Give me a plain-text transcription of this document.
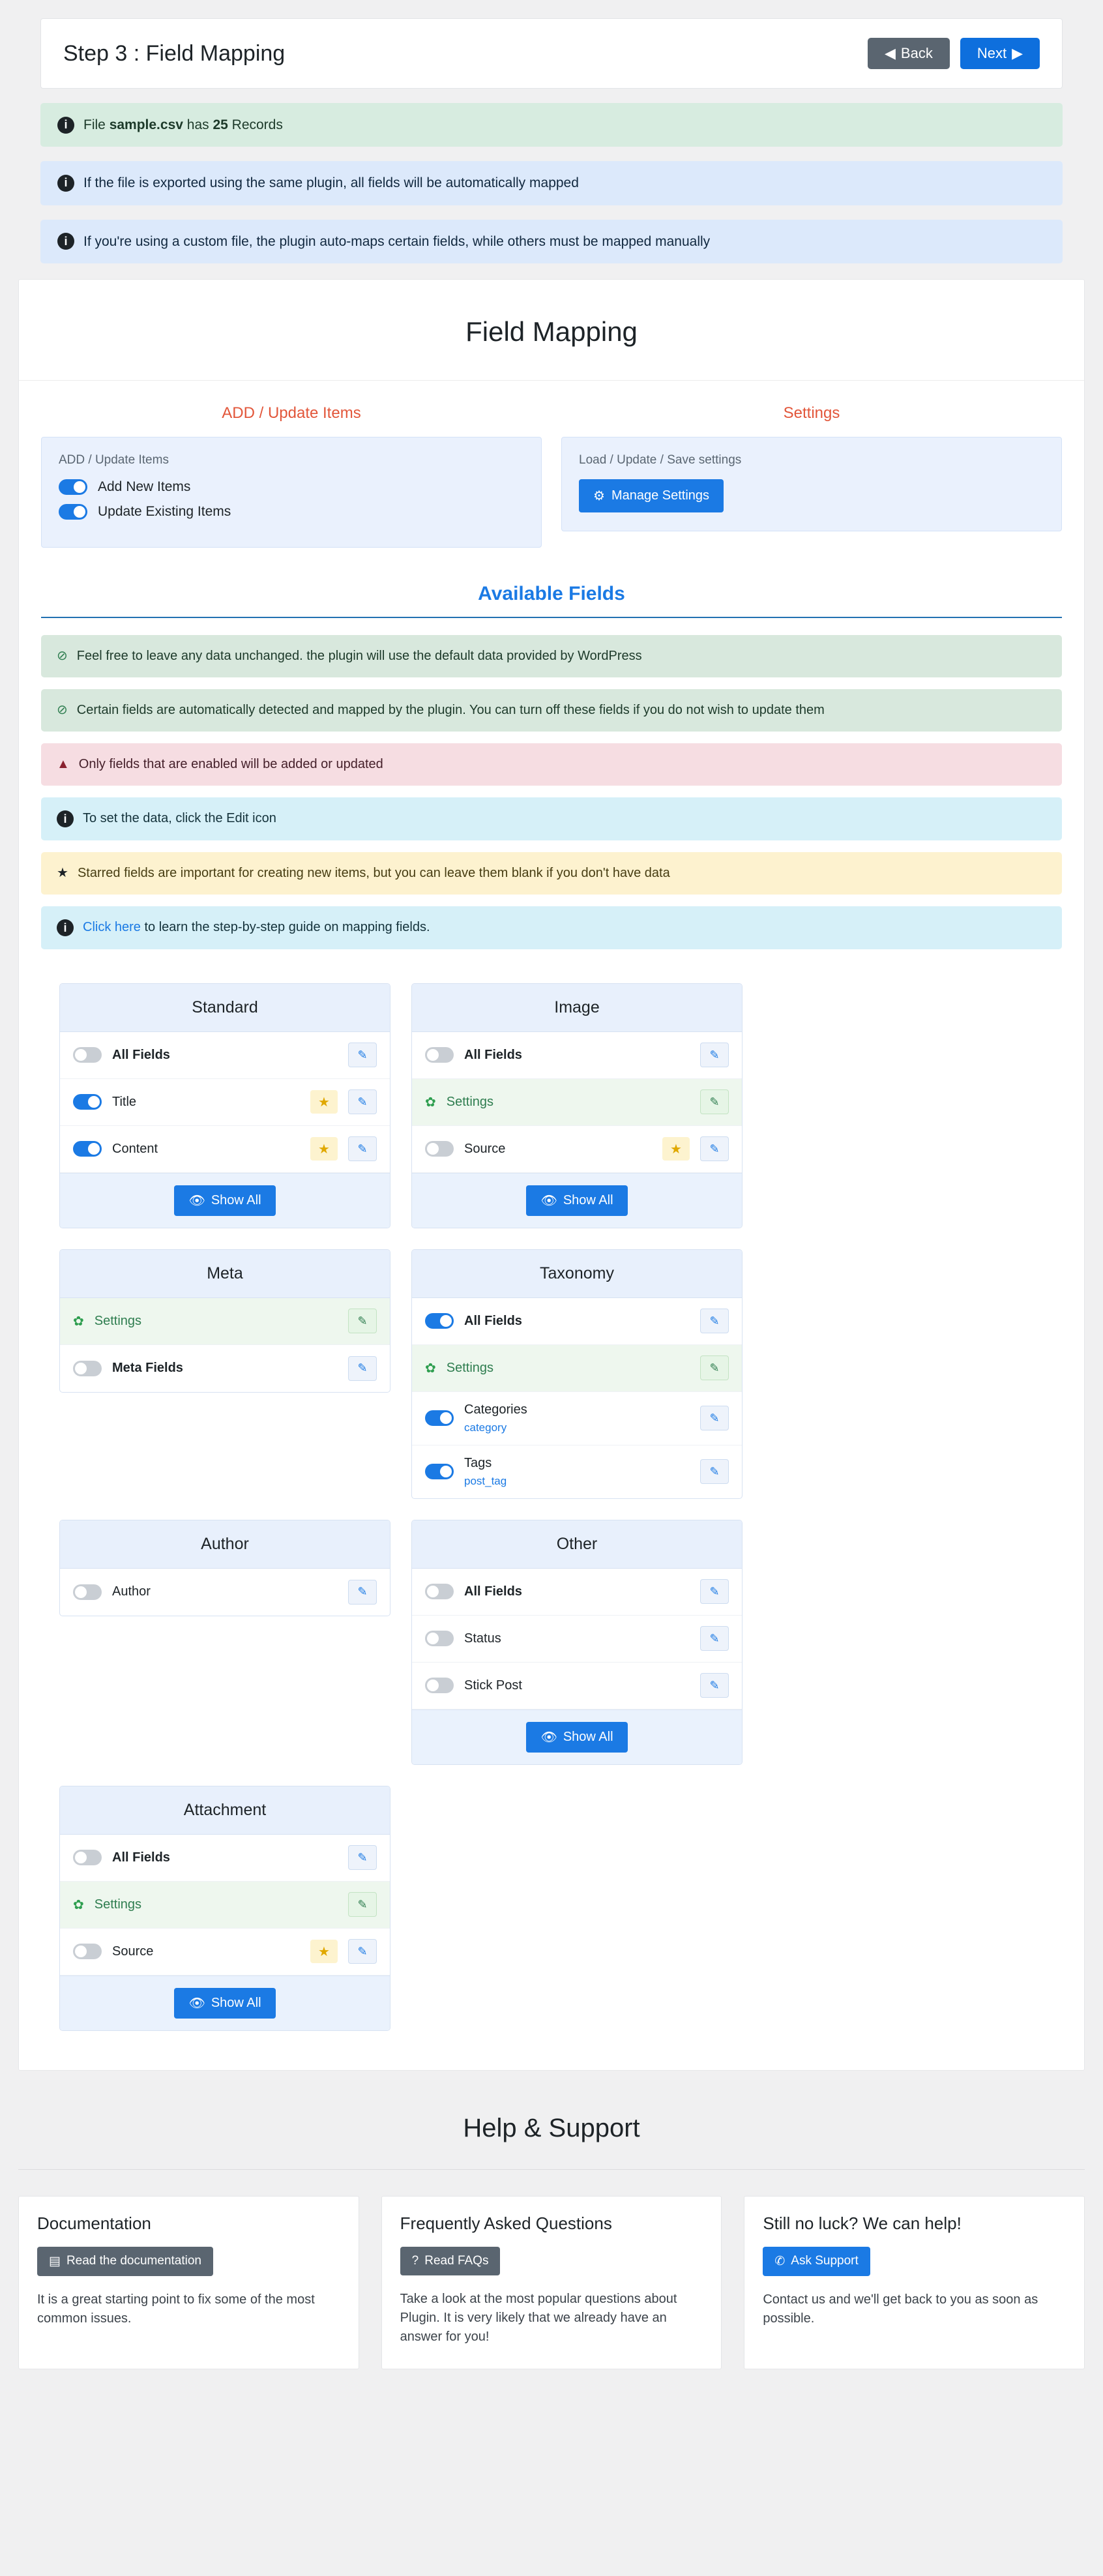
Step 3 : Field Mapping	◀ Back	Next ▶
i	File sample.csv has 25 Records
i	If the file is exported using the same plugin, all fields will be automatically mapped
i	If you're using a custom file, the plugin auto-maps certain fields, while others must be mapped manually
Field Mapping
ADD / Update Items
ADD / Update Items
Add New Items
Update Existing Items
Settings
Load / Update / Save settings
⚙ Manage Settings
Available Fields
⊘ Feel free to leave any data unchanged. the plugin will use the default data provided by WordPress
⊘ Certain fields are automatically detected and mapped by the plugin. You can turn off these fields if you do not wish to update them
▲ Only fields that are enabled will be added or updated
i	To set the data, click the Edit icon
★ Starred fields are important for creating new items, but you can leave them blank if you don't have data
i	Click here to learn the step-by-step guide on mapping fields.
Standard
All Fields	✎
Title	★	✎
Content	★	✎
👁 Show All
Image
All Fields	✎
✿ Settings	✎
Source	★	✎
👁 Show All
Meta
✿ Settings	✎
Meta Fields	✎
Taxonomy
All Fields	✎
✿ Settings	✎
Categories
category
✎
Tags
post_tag
✎
Author
Author	✎
Other
All Fields	✎
Status	✎
Stick Post	✎
👁 Show All
Attachment
All Fields	✎
✿ Settings	✎
Source	★	✎
👁 Show All
Help & Support
Documentation
▤ Read the documentation
It is a great starting point to fix some of the most common issues.
Frequently Asked Questions
? Read FAQs
Take a look at the most popular questions about Plugin. It is very likely that we already have an answer for you!
Still no luck? We can help!
✆ Ask Support
Contact us and we'll get back to you as soon as possible.
